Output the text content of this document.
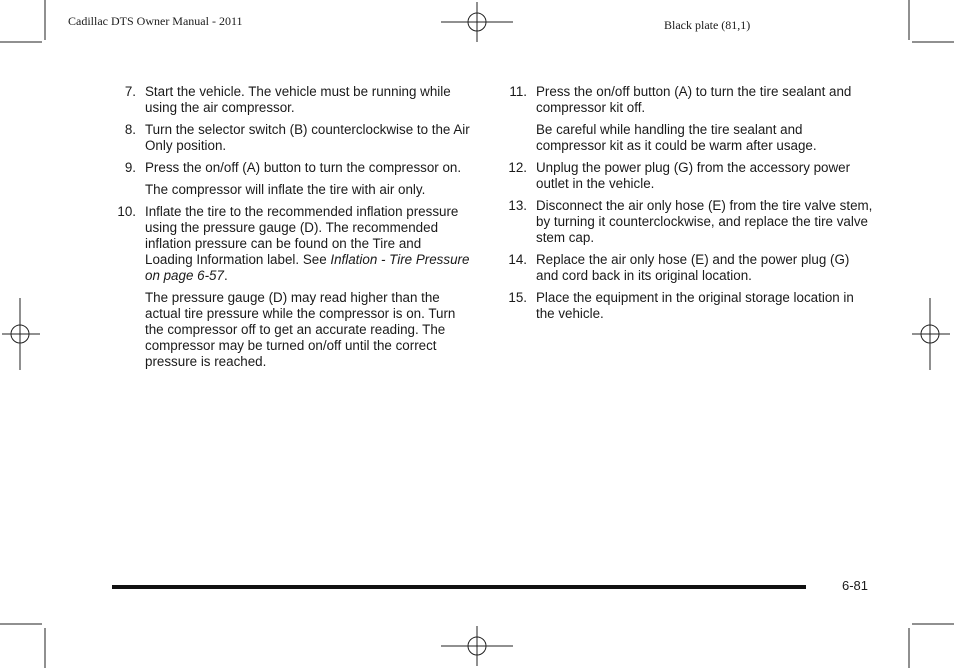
Cadillac DTS Owner Manual - 2011	Black plate (81,1)
7. Start the vehicle. The vehicle must be running while using the air compressor.
8. Turn the selector switch (B) counterclockwise to the Air Only position.
9. Press the on/off (A) button to turn the compressor on.
The compressor will inflate the tire with air only.
10. Inflate the tire to the recommended inflation pressure using the pressure gauge (D). The recommended inflation pressure can be found on the Tire and Loading Information label. See Inflation - Tire Pressure on page 6-57.
The pressure gauge (D) may read higher than the actual tire pressure while the compressor is on. Turn the compressor off to get an accurate reading. The compressor may be turned on/off until the correct pressure is reached.
11. Press the on/off button (A) to turn the tire sealant and compressor kit off.
Be careful while handling the tire sealant and compressor kit as it could be warm after usage.
12. Unplug the power plug (G) from the accessory power outlet in the vehicle.
13. Disconnect the air only hose (E) from the tire valve stem, by turning it counterclockwise, and replace the tire valve stem cap.
14. Replace the air only hose (E) and the power plug (G) and cord back in its original location.
15. Place the equipment in the original storage location in the vehicle.
6-81
